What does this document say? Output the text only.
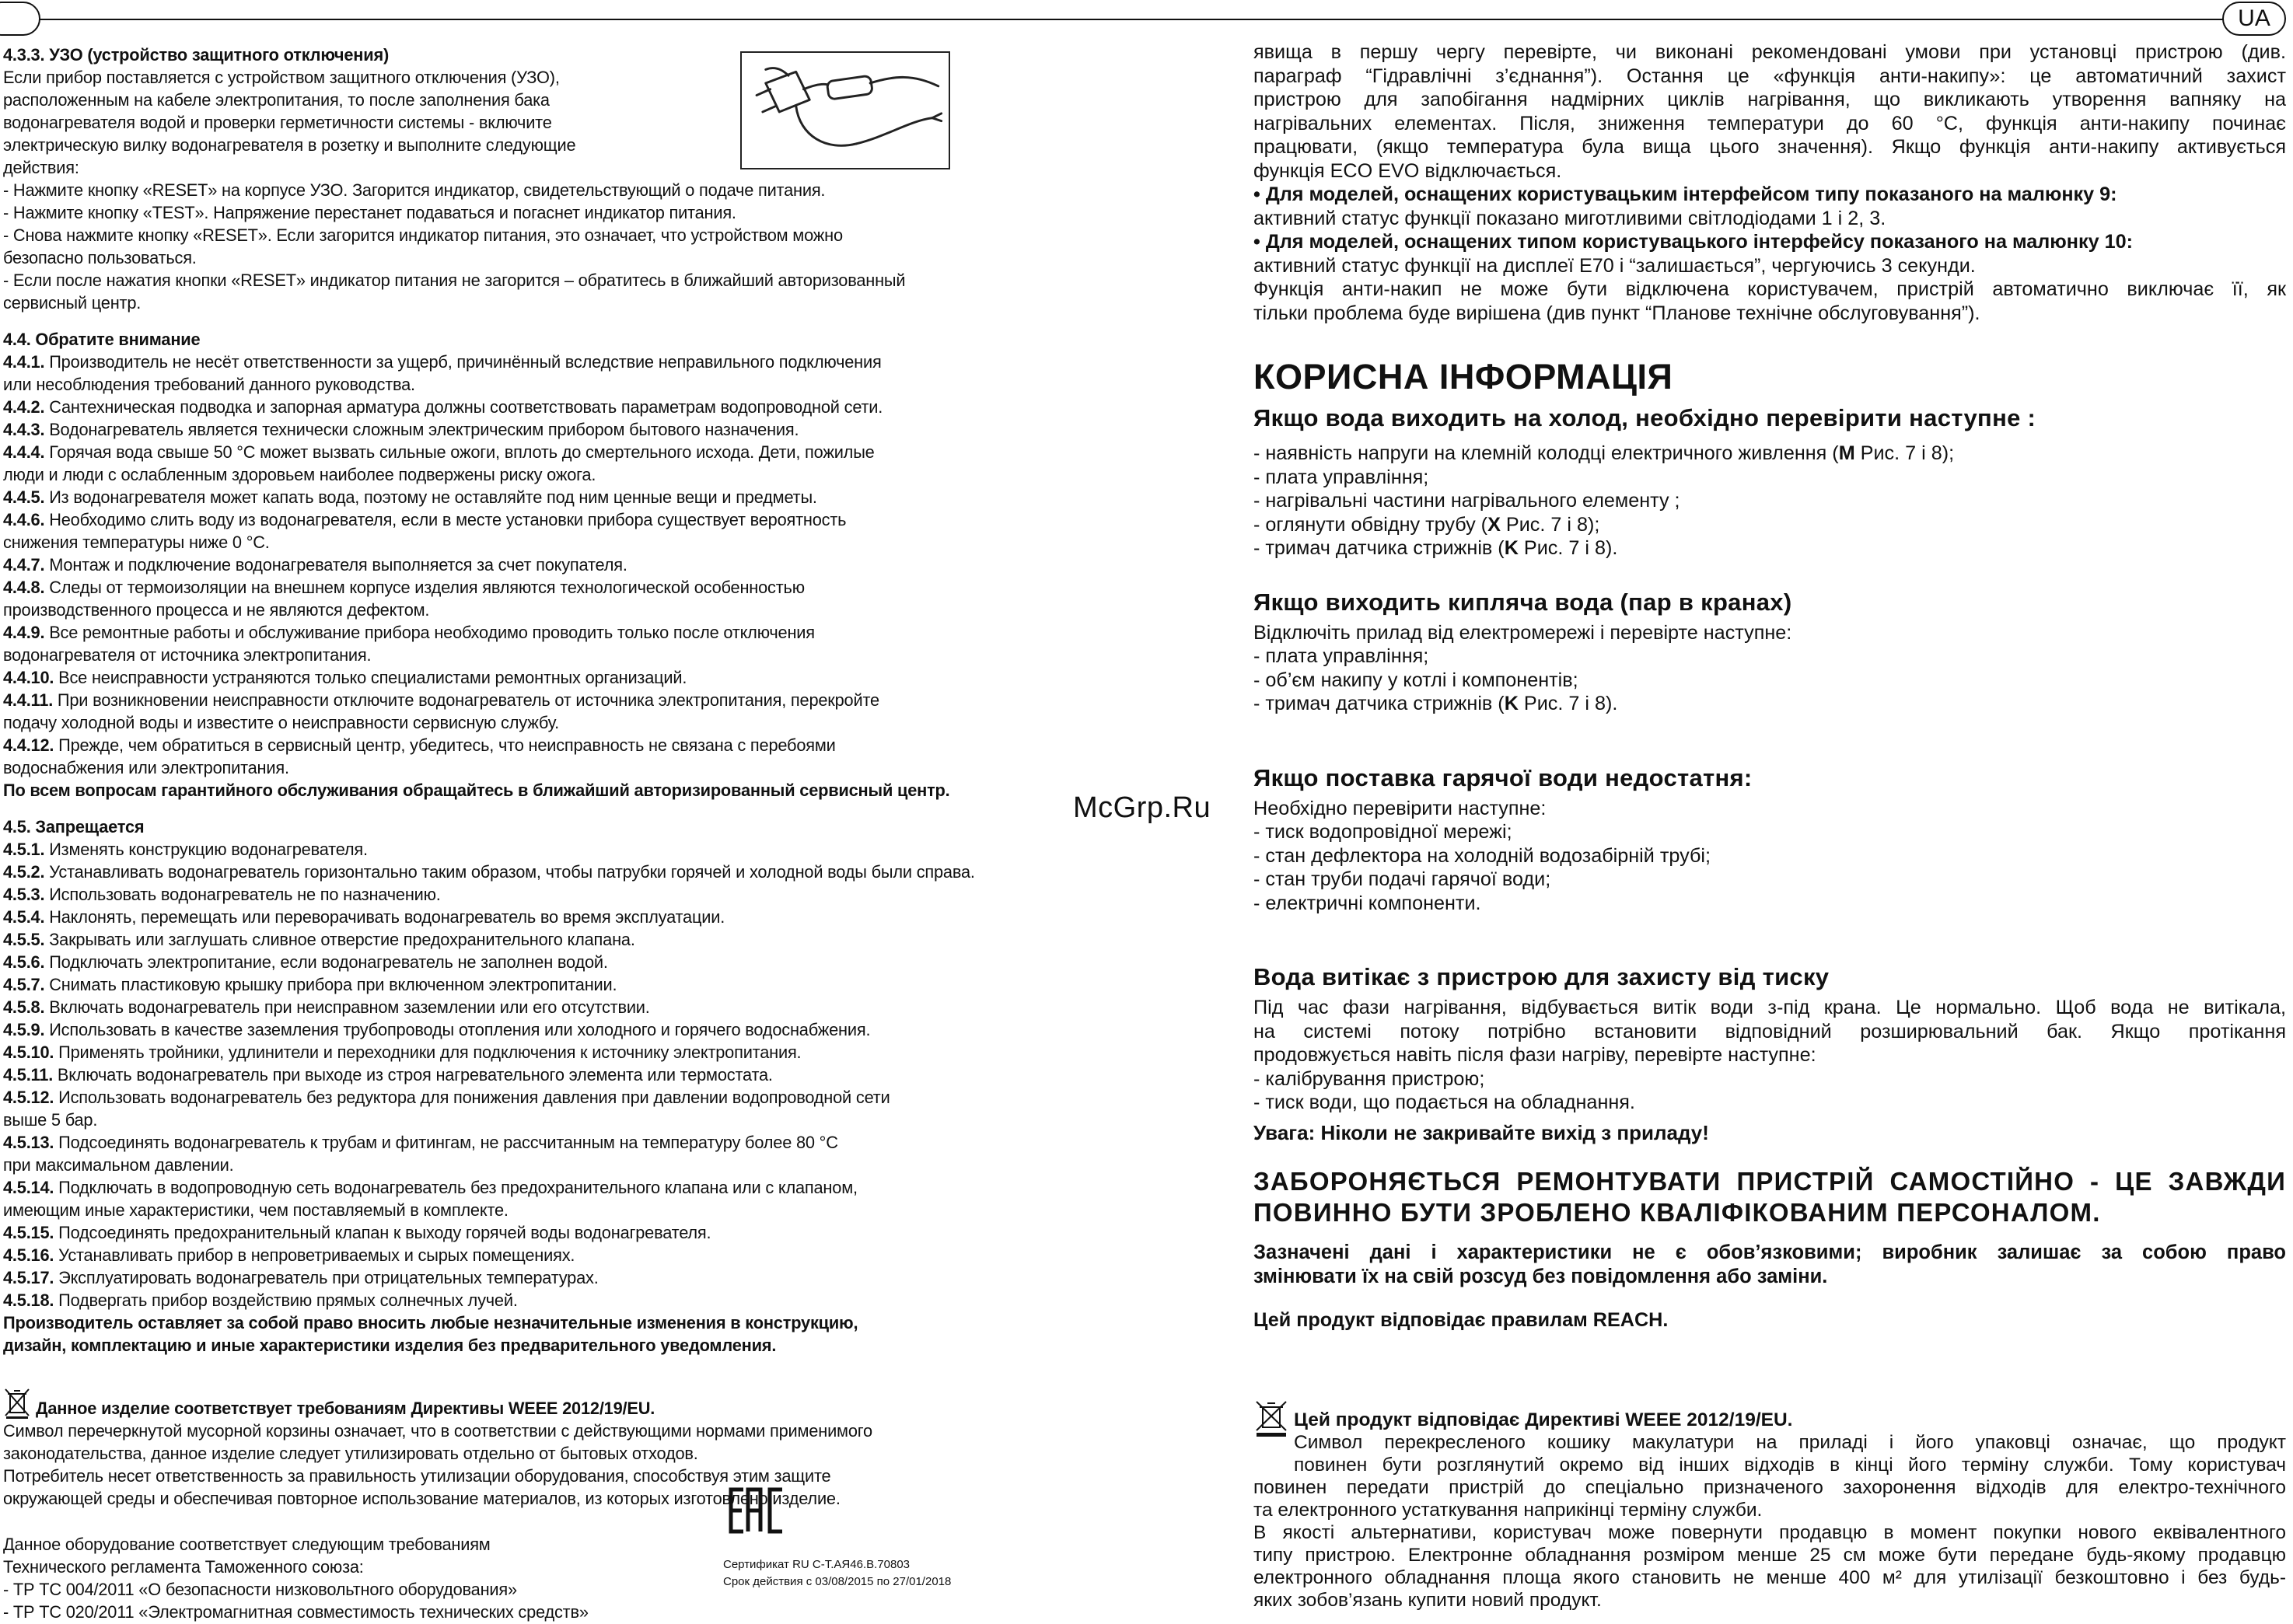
UA
4.3.3. УЗО (устройство защитного отключения)
Если прибор поставляется с устройством защитного отключения (УЗО),
расположенным на кабеле электропитания, то после заполнения бака
водонагревателя водой и проверки герметичности системы - включите
электрическую вилку водонагревателя в розетку и выполните следующие
действия:
- Нажмите кнопку «RESET» на корпусе УЗО. Загорится индикатор, свидетельствующий о подаче питания.
- Нажмите кнопку «TEST». Напряжение перестанет подаваться и погаснет индикатор питания.
- Снова нажмите кнопку «RESET». Если загорится индикатор питания, это означает, что устройством можно
безопасно пользоваться.
- Если после нажатия кнопки «RESET» индикатор питания не загорится – обратитесь в ближайший авторизованный
сервисный центр.
4.4. Обратите внимание
4.4.1. Производитель не несёт ответственности за ущерб, причинённый вследствие неправильного подключения
или несоблюдения требований данного руководства.
4.4.2. Сантехническая подводка и запорная арматура должны соответствовать параметрам водопроводной сети.
4.4.3. Водонагреватель является технически сложным электрическим прибором бытового назначения.
4.4.4. Горячая вода свыше 50 °C может вызвать сильные ожоги, вплоть до смертельного исхода. Дети, пожилые
люди и люди с ослабленным здоровьем наиболее подвержены риску ожога.
4.4.5. Из водонагревателя может капать вода, поэтому не оставляйте под ним ценные вещи и предметы.
4.4.6. Необходимо слить воду из водонагревателя, если в месте установки прибора существует вероятность
снижения температуры ниже 0 °C.
4.4.7. Монтаж и подключение водонагревателя выполняется за счет покупателя.
4.4.8. Следы от термоизоляции на внешнем корпусе изделия являются технологической особенностью
производственного процесса и не являются дефектом.
4.4.9. Все ремонтные работы и обслуживание прибора необходимо проводить только после отключения
водонагревателя от источника электропитания.
4.4.10. Все неисправности устраняются только специалистами ремонтных организаций.
4.4.11. При возникновении неисправности отключите водонагреватель от источника электропитания, перекройте
подачу холодной воды и известите о неисправности сервисную службу.
4.4.12. Прежде, чем обратиться в сервисный центр, убедитесь, что неисправность не связана с перебоями
водоснабжения или электропитания.
По всем вопросам гарантийного обслуживания обращайтесь в ближайший авторизированный сервисный центр.
4.5. Запрещается
4.5.1. Изменять конструкцию водонагревателя.
4.5.2. Устанавливать водонагреватель горизонтально таким образом, чтобы патрубки горячей и холодной воды были справа.
4.5.3. Использовать водонагреватель не по назначению.
4.5.4. Наклонять, перемещать или переворачивать водонагреватель во время эксплуатации.
4.5.5. Закрывать или заглушать сливное отверстие предохранительного клапана.
4.5.6. Подключать электропитание, если водонагреватель не заполнен водой.
4.5.7. Снимать пластиковую крышку прибора при включенном электропитании.
4.5.8. Включать водонагреватель при неисправном заземлении или его отсутствии.
4.5.9. Использовать в качестве заземления трубопроводы отопления или холодного и горячего водоснабжения.
4.5.10. Применять тройники, удлинители и переходники для подключения к источнику электропитания.
4.5.11. Включать водонагреватель при выходе из строя нагревательного элемента или термостата.
4.5.12. Использовать водонагреватель без редуктора для понижения давления при давлении водопроводной сети
выше 5 бар.
4.5.13. Подсоединять водонагреватель к трубам и фитингам, не рассчитанным на температуру более 80 °C
при максимальном давлении.
4.5.14. Подключать в водопроводную сеть водонагреватель без предохранительного клапана или с клапаном,
имеющим иные характеристики, чем поставляемый в комплекте.
4.5.15. Подсоединять предохранительный клапан к выходу горячей воды водонагревателя.
4.5.16. Устанавливать прибор в непроветриваемых и сырых помещениях.
4.5.17. Эксплуатировать водонагреватель при отрицательных температурах.
4.5.18. Подвергать прибор воздействию прямых солнечных лучей.
Производитель оставляет за собой право вносить любые незначительные изменения в конструкцию,
дизайн, комплектацию и иные характеристики изделия без предварительного уведомления.
Данное изделие соответствует требованиям Директивы WEEE 2012/19/EU.
Символ перечеркнутой мусорной корзины означает, что в соответствии с действующими нормами применимого
законодательства, данное изделие следует утилизировать отдельно от бытовых отходов.
Потребитель несет ответственность за правильность утилизации оборудования, способствуя этим защите
окружающей среды и обеспечивая повторное использование материалов, из которых изготовлено изделие.
Данное оборудование соответствует следующим требованиям
Технического регламента Таможенного союза:
- ТР ТС 004/2011 «О безопасности низковольтного оборудования»
- ТР ТС 020/2011 «Электромагнитная совместимость технических средств»
McGrp.Ru
Сертификат RU C-T.AЯ46.B.70803
Срок действия с 03/08/2015 по 27/01/2018
явища в першу чергу перевірте, чи виконані рекомендовані умови при установці пристрою (див.
параграф “Гідравлічні з’єднання”). Остання це «функція анти-накипу»: це автоматичний захист
пристрою для запобігання надмірних циклів нагрівання, що викликають утворення вапняку на
нагрівальних елементах. Після, зниження температури до 60 °C, функція анти-накипу починає
працювати, (якщо температура була вища цього значення). Якщо функція анти-накипу активується
функція ECO EVO відключається.
• Для моделей, оснащених користувацьким інтерфейсом типу показаного на малюнку 9:
активний статус функції показано миготливими світлодіодами 1 і 2, 3.
• Для моделей, оснащених типом користувацького інтерфейсу показаного на малюнку 10:
активний статус функції на дисплеї E70 і “залишається”, чергуючись 3 секунди.
Функція анти-накип не може бути відключена користувачем, пристрій автоматично виключає її, як
тільки проблема буде вирішена (див пункт “Планове технічне обслуговування”).
КОРИСНА ІНФОРМАЦІЯ
Якщо вода виходить на холод, необхідно перевірити наступне :
- наявність напруги на клемній колодці електричного живлення (M Рис. 7 і 8);
- плата управління;
- нагрівальні частини нагрівального елементу ;
- оглянути обвідну трубу (X Рис. 7 і 8);
- тримач датчика стрижнів (K Рис. 7 і 8).
Якщо виходить кипляча вода (пар в кранах)
Відключіть прилад від електромережі і перевірте наступне:
- плата управління;
- об’єм накипу у котлі і компонентів;
- тримач датчика стрижнів (K Рис. 7 і 8).
Якщо поставка гарячої води недостатня:
Необхідно перевірити наступне:
- тиск водопровідної мережі;
- стан дефлектора на холодній водозабірній трубі;
- стан труби подачі гарячої води;
- електричні компоненти.
Вода витікає з пристрою для захисту від тиску
Під час фази нагрівання, відбувається витік води з-під крана. Це нормально. Щоб вода не витікала,
на системі потоку потрібно встановити відповідний розширювальний бак. Якщо протікання
продовжується навіть після фази нагріву, перевірте наступне:
- калібрування пристрою;
- тиск води, що подається на обладнання.
Увага: Ніколи не закривайте вихід з приладу!
ЗАБОРОНЯЄТЬСЯ РЕМОНТУВАТИ ПРИСТРІЙ САМОСТІЙНО - ЦЕ ЗАВЖДИ
ПОВИННО БУТИ ЗРОБЛЕНО КВАЛІФІКОВАНИМ ПЕРСОНАЛОМ.
Зазначені дані і характеристики не є обов’язковими; виробник залишає за собою право
змінювати їх на свій розсуд без повідомлення або заміни.
Цей продукт відповідає правилам REACH.
Цей продукт відповідає Директиві WEEE 2012/19/EU.
Символ перекресленого кошику макулатури на приладі і його упаковці означає, що продукт
повинен бути розглянутий окремо від інших відходів в кінці його терміну служби. Тому користувач
повинен передати пристрій до спеціально призначеного захоронення відходів для електро-технічного
та електронного устаткування наприкінці терміну служби.
В якості альтернативи, користувач може повернути продавцю в момент покупки нового еквівалентного
типу пристрою. Електронне обладнання розміром менше 25 см може бути передане будь-якому продавцю
електронного обладнання площа якого становить не менше 400 м² для утилізації безкоштовно і без будь-
яких зобов’язань купити новий продукт.
